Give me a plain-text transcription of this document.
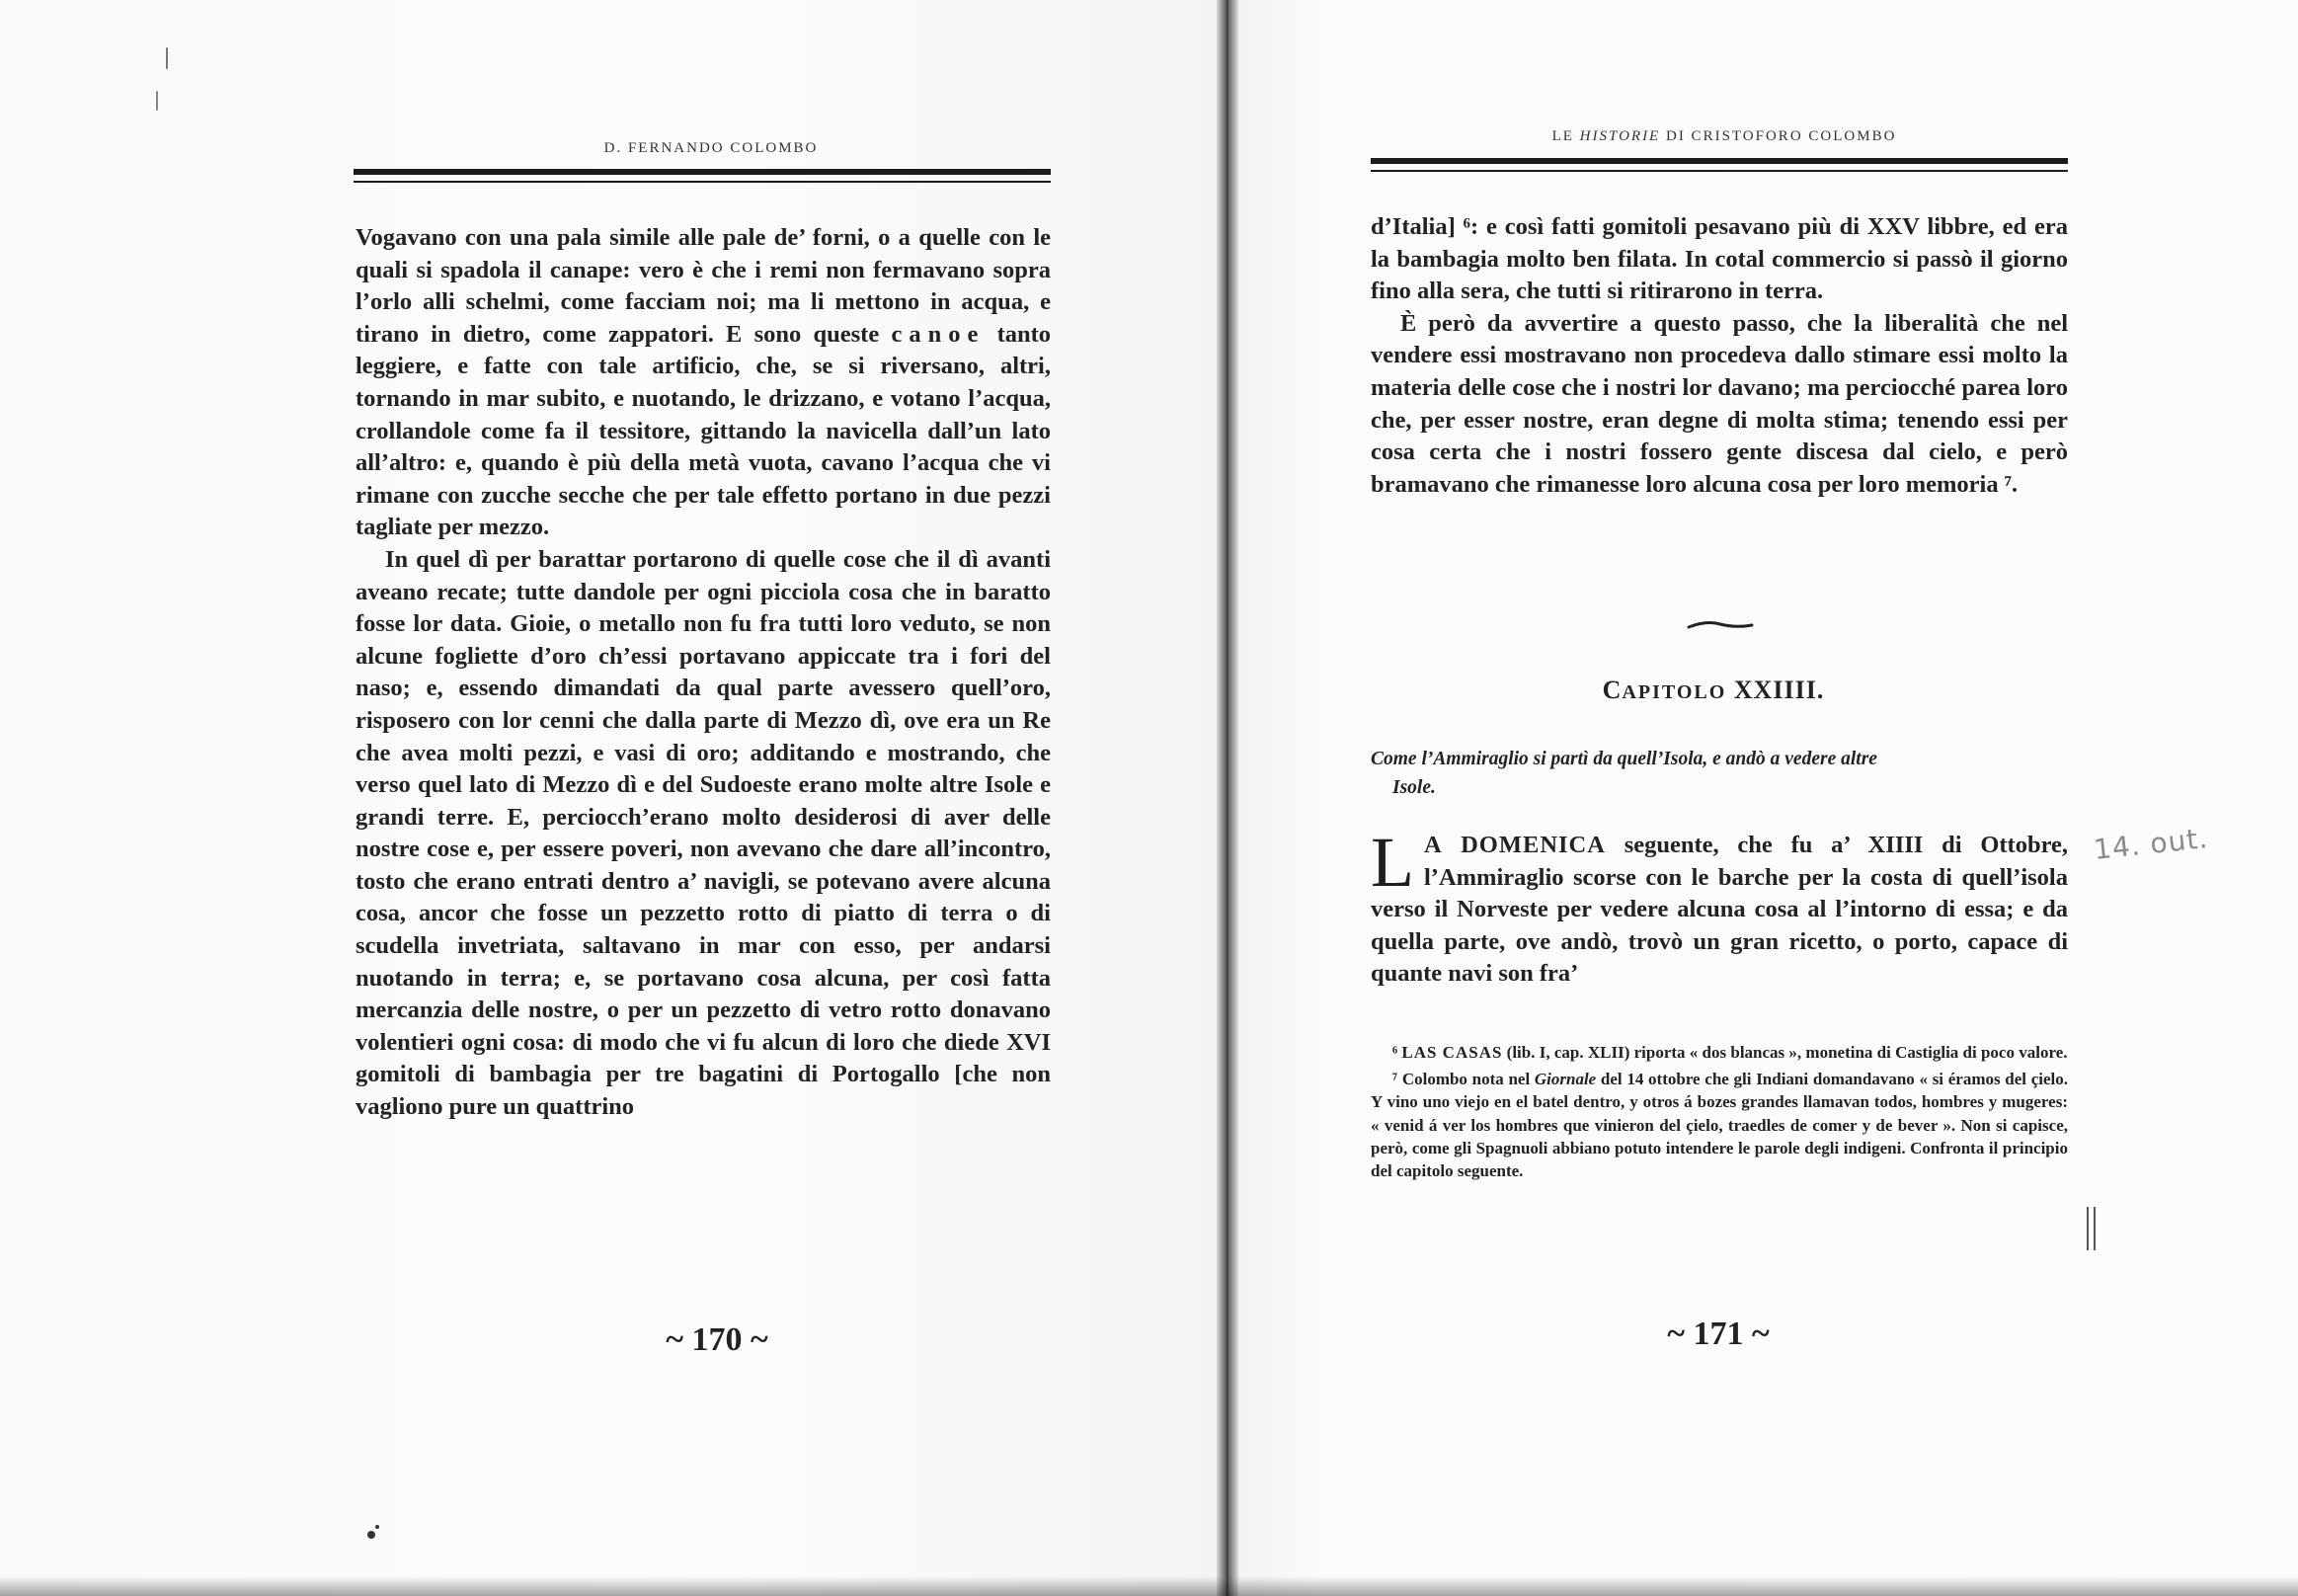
D. FERNANDO COLOMBO

Vogavano con una pala simile alle pale de’ forni, o a quelle con le quali si spadola il canape: vero è che i remi non fermavano sopra l’orlo alli schelmi, come facciam noi; ma li mettono in acqua, e tirano in dietro, come zappatori. E sono queste canoe tanto leggiere, e fatte con tale artificio, che, se si riversano, altri, tornando in mar subito, e nuotando, le drizzano, e votano l’acqua, crollandole come fa il tessitore, gittando la navicella dall’un lato all’altro: e, quando è più della metà vuota, cavano l’acqua che vi rimane con zucche secche che per tale effetto portano in due pezzi tagliate per mezzo.

In quel dì per barattar portarono di quelle cose che il dì avanti aveano recate; tutte dandole per ogni picciola cosa che in baratto fosse lor data. Gioie, o metallo non fu fra tutti loro veduto, se non alcune fogliette d’oro ch’essi portavano appiccate tra i fori del naso; e, essendo dimandati da qual parte avessero quell’oro, risposero con lor cenni che dalla parte di Mezzo dì, ove era un Re che avea molti pezzi, e vasi di oro; additando e mostrando, che verso quel lato di Mezzo dì e del Sudoeste erano molte altre Isole e grandi terre. E, perciocch’erano molto desiderosi di aver delle nostre cose e, per essere poveri, non avevano che dare all’incontro, tosto che erano entrati dentro a’ navigli, se potevano avere alcuna cosa, ancor che fosse un pezzetto rotto di piatto di terra o di scudella invetriata, saltavano in mar con esso, per andarsi nuotando in terra; e, se portavano cosa alcuna, per così fatta mercanzia delle nostre, o per un pezzetto di vetro rotto donavano volentieri ogni cosa: di modo che vi fu alcun di loro che diede XVI gomitoli di bambagia per tre bagatini di Portogallo [che non vagliono pure un quattrino

~ 170 ~
LE HISTORIE DI CRISTOFORO COLOMBO

d’Italia] ⁶: e così fatti gomitoli pesavano più di XXV libbre, ed era la bambagia molto ben filata. In cotal commercio si passò il giorno fino alla sera, che tutti si ritirarono in terra.

È però da avvertire a questo passo, che la liberalità che nel vendere essi mostravano non procedeva dallo stimare essi molto la materia delle cose che i nostri lor davano; ma perciocché parea loro che, per esser nostre, eran degne di molta stima; tenendo essi per cosa certa che i nostri fossero gente discesa dal cielo, e però bramavano che rimanesse loro alcuna cosa per loro memoria ⁷.

CAPITOLO XXIIII.
Come l’Ammiraglio si partì da quell’Isola, e andò a vedere altre
Isole.

L A DOMENICA seguente, che fu a’ XIIII di Ottobre, l’Ammiraglio scorse con le barche per la costa di quell’isola verso il Norveste per vedere alcuna cosa al l’intorno di essa; e da quella parte, ove andò, trovò un gran ricetto, o porto, capace di quante navi son fra’

⁶ LAS CASAS (lib. I, cap. XLII) riporta « dos blancas », monetina di Castiglia di poco valore.

⁷ Colombo nota nel Giornale del 14 ottobre che gli Indiani domandavano « si éramos del çielo. Y vino uno viejo en el batel dentro, y otros á bozes grandes llamavan todos, hombres y mugeres: « venid á ver los hombres que vinieron del çielo, traedles de comer y de bever ». Non si capisce, però, come gli Spagnuoli abbiano potuto intendere le parole degli indigeni. Confronta il principio del capitolo seguente.

14. out.
~ 171 ~
